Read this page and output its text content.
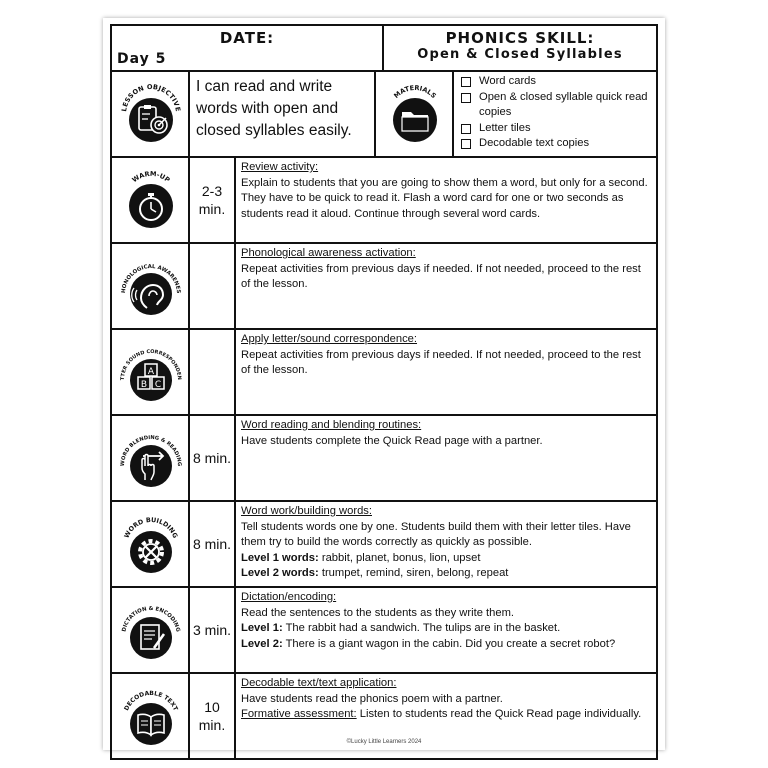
DATE:
Day 5
PHONICS SKILL:
Open & Closed Syllables
LESSON OBJECTIVE
I can read and write words with open and closed syllables easily.
MATERIALS
Word cards
Open & closed syllable quick read copies
Letter tiles
Decodable text copies
WARM-UP
2-3 min.
Review activity:
Explain to students that you are going to show them a word, but only for a second. They have to be quick to read it. Flash a word card for one or two seconds as students read it aloud. Continue through several word cards.
HONOLOGICAL AWARENES
Phonological awareness activation:
Repeat activities from previous days if needed. If not needed, proceed to the rest of the lesson.
TTER SOUND CORRESPONDEN
A
B C
Apply letter/sound correspondence:
Repeat activities from previous days if needed. If not needed, proceed to the rest of the lesson.
WORD BLENDING & READING 8 min.
Word reading and blending routines:
Have students complete the Quick Read page with a partner.
WORD BUILDING
8 min.
Word work/building words:
Tell students words one by one. Students build them with their letter tiles. Have them try to build the words correctly as quickly as possible.
Level 1 words: rabbit, planet, bonus, lion, upset
Level 2 words: trumpet, remind, siren, belong, repeat
DICTATION & ENCODING 3 min.
Dictation/encoding:
Read the sentences to the students as they write them.
Level 1: The rabbit had a sandwich. The tulips are in the basket.
Level 2: There is a giant wagon in the cabin. Did you create a secret robot?
DECODABLE TEXT	10 min.
Decodable text/text application:
Have students read the phonics poem with a partner.
Formative assessment: Listen to students read the Quick Read page individually.
©Lucky Little Learners 2024
